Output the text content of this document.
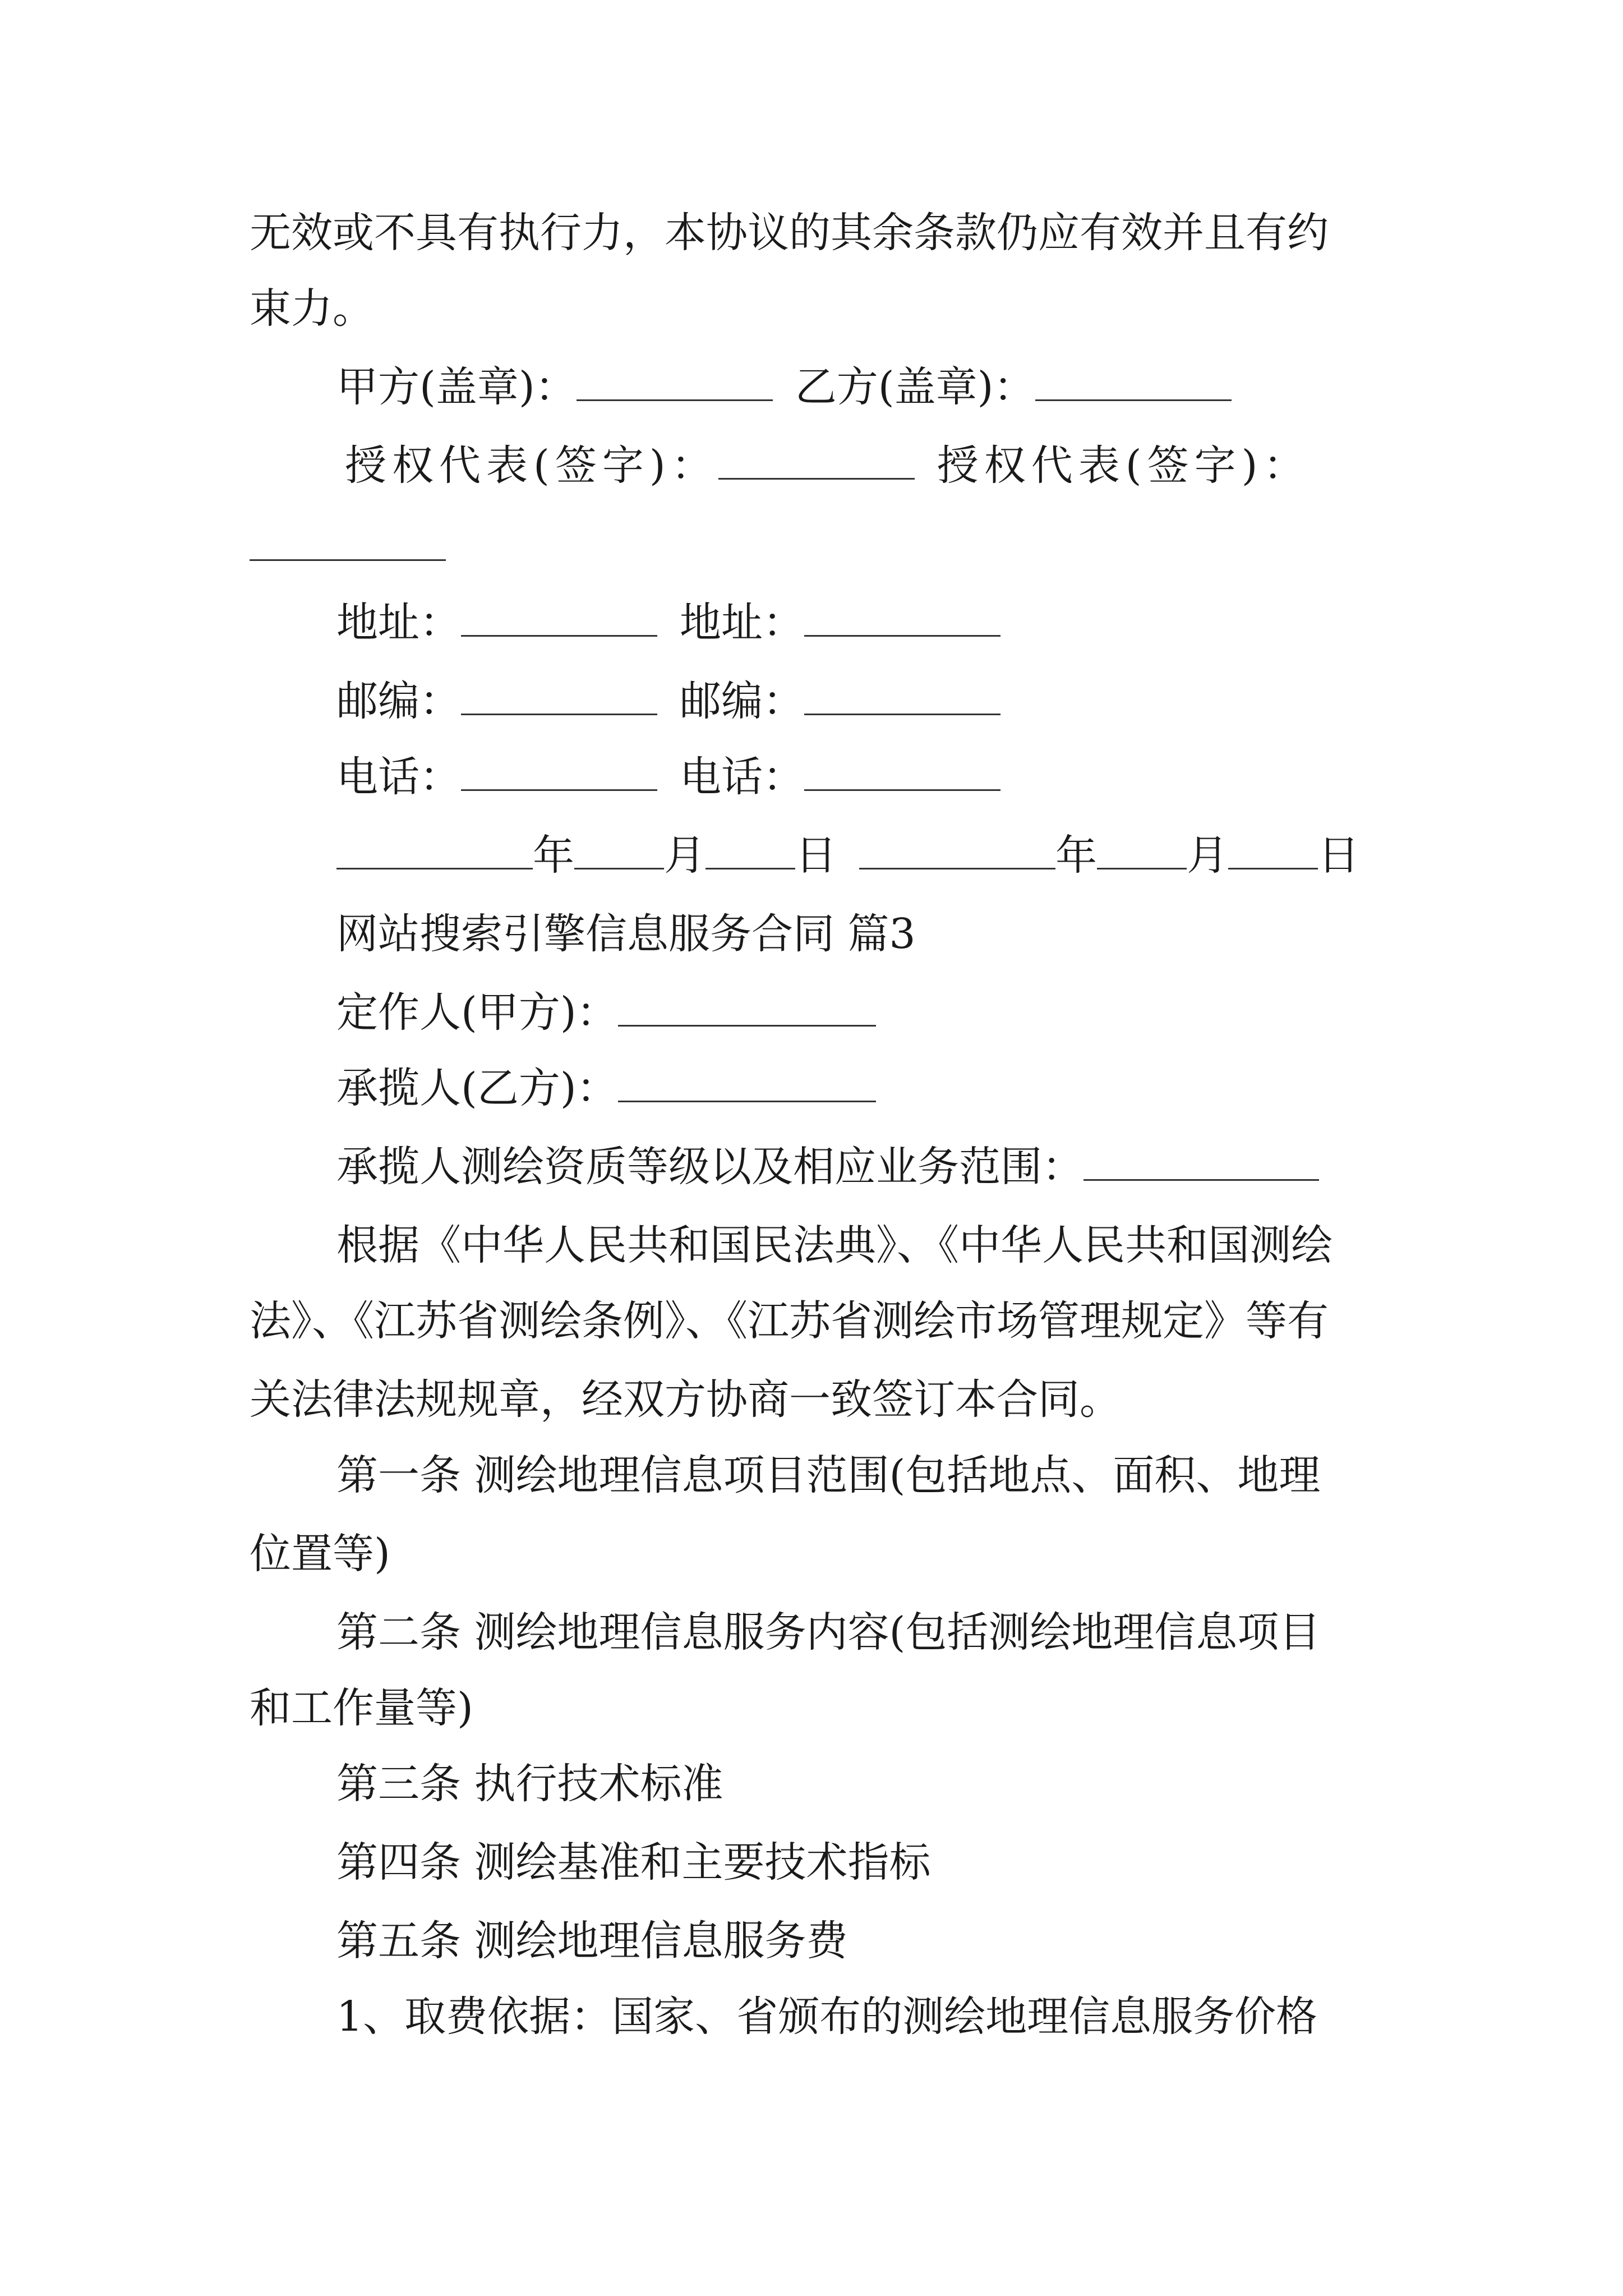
无效或不具有执行力，本协议的其余条款仍应有效并且有约
束力。
甲方(盖章)：	乙方(盖章)：
授权代表(签字)：	授权代表(签字)：
地址：	地址：
邮编：	邮编：
电话：	电话：
年 月 日	年 月 日
网站搜索引擎信息服务合同 篇3
定作人(甲方)：
承揽人(乙方)：
承揽人测绘资质等级以及相应业务范围：
根据《中华人民共和国民法典》、《中华人民共和国测绘
法》、《江苏省测绘条例》、《江苏省测绘市场管理规定》等有
关法律法规规章，经双方协商一致签订本合同。
第一条 测绘地理信息项目范围(包括地点、面积、地理
位置等)
第二条 测绘地理信息服务内容(包括测绘地理信息项目
和工作量等)
第三条 执行技术标准
第四条 测绘基准和主要技术指标
第五条 测绘地理信息服务费
1、取费依据：国家、省颁布的测绘地理信息服务价格
